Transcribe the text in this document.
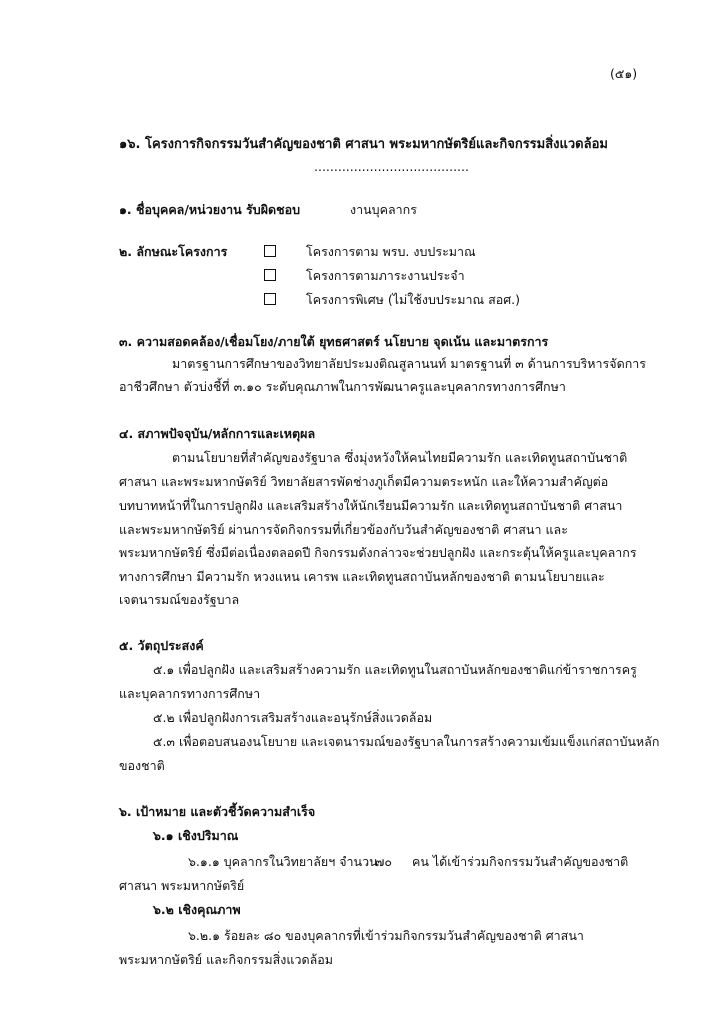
(๕๑)
๑๖. โครงการกิจกรรมวันสำคัญของชาติ ศาสนา พระมหากษัตริย์และกิจกรรมสิ่งแวดล้อม
.......................................
๑. ชื่อบุคคล/หน่วยงาน รับผิดชอบ	งานบุคลากร
๒. ลักษณะโครงการ	โครงการตาม พรบ. งบประมาณ
โครงการตามภาระงานประจำ
โครงการพิเศษ (ไม่ใช้งบประมาณ สอศ.)
๓. ความสอดคล้อง/เชื่อมโยง/ภายใต้ ยุทธศาสตร์ นโยบาย จุดเน้น และมาตรการ
มาตรฐานการศึกษาของวิทยาลัยประมงติณสูลานนท์ มาตรฐานที่ ๓ ด้านการบริหารจัดการ
อาชีวศึกษา ตัวบ่งชี้ที่ ๓.๑๐ ระดับคุณภาพในการพัฒนาครูและบุคลากรทางการศึกษา
๔. สภาพปัจจุบัน/หลักการและเหตุผล
ตามนโยบายที่สำคัญของรัฐบาล ซึ่งมุ่งหวังให้คนไทยมีความรัก และเทิดทูนสถาบันชาติ
ศาสนา และพระมหากษัตริย์ วิทยาลัยสารพัดช่างภูเก็ตมีความตระหนัก และให้ความสำคัญต่อ
บทบาทหน้าที่ในการปลูกฝัง และเสริมสร้างให้นักเรียนมีความรัก และเทิดทูนสถาบันชาติ ศาสนา
และพระมหากษัตริย์ ผ่านการจัดกิจกรรมที่เกี่ยวข้องกับวันสำคัญของชาติ ศาสนา และ
พระมหากษัตริย์ ซึ่งมีต่อเนื่องตลอดปี กิจกรรมดังกล่าวจะช่วยปลูกฝัง และกระตุ้นให้ครูและบุคลากร
ทางการศึกษา มีความรัก หวงแหน เคารพ และเทิดทูนสถาบันหลักของชาติ ตามนโยบายและ
เจตนารมณ์ของรัฐบาล
๕. วัตถุประสงค์
๕.๑ เพื่อปลูกฝัง และเสริมสร้างความรัก และเทิดทูนในสถาบันหลักของชาติแก่ข้าราชการครู
และบุคลากรทางการศึกษา
๕.๒ เพื่อปลูกฝังการเสริมสร้างและอนุรักษ์สิ่งแวดล้อม
๕.๓ เพื่อตอบสนองนโยบาย และเจตนารมณ์ของรัฐบาลในการสร้างความเข้มแข็งแก่สถาบันหลัก
ของชาติ
๖. เป้าหมาย และตัวชี้วัดความสำเร็จ
๖.๑ เชิงปริมาณ
๖.๑.๑ บุคลากรในวิทยาลัยฯ จำนวน
๗๐ คน ได้เข้าร่วมกิจกรรมวันสำคัญของชาติ
ศาสนา พระมหากษัตริย์
๖.๒ เชิงคุณภาพ
๖.๒.๑ ร้อยละ ๘๐ ของบุคลากรที่เข้าร่วมกิจกรรมวันสำคัญของชาติ ศาสนา
พระมหากษัตริย์ และกิจกรรมสิ่งแวดล้อม
